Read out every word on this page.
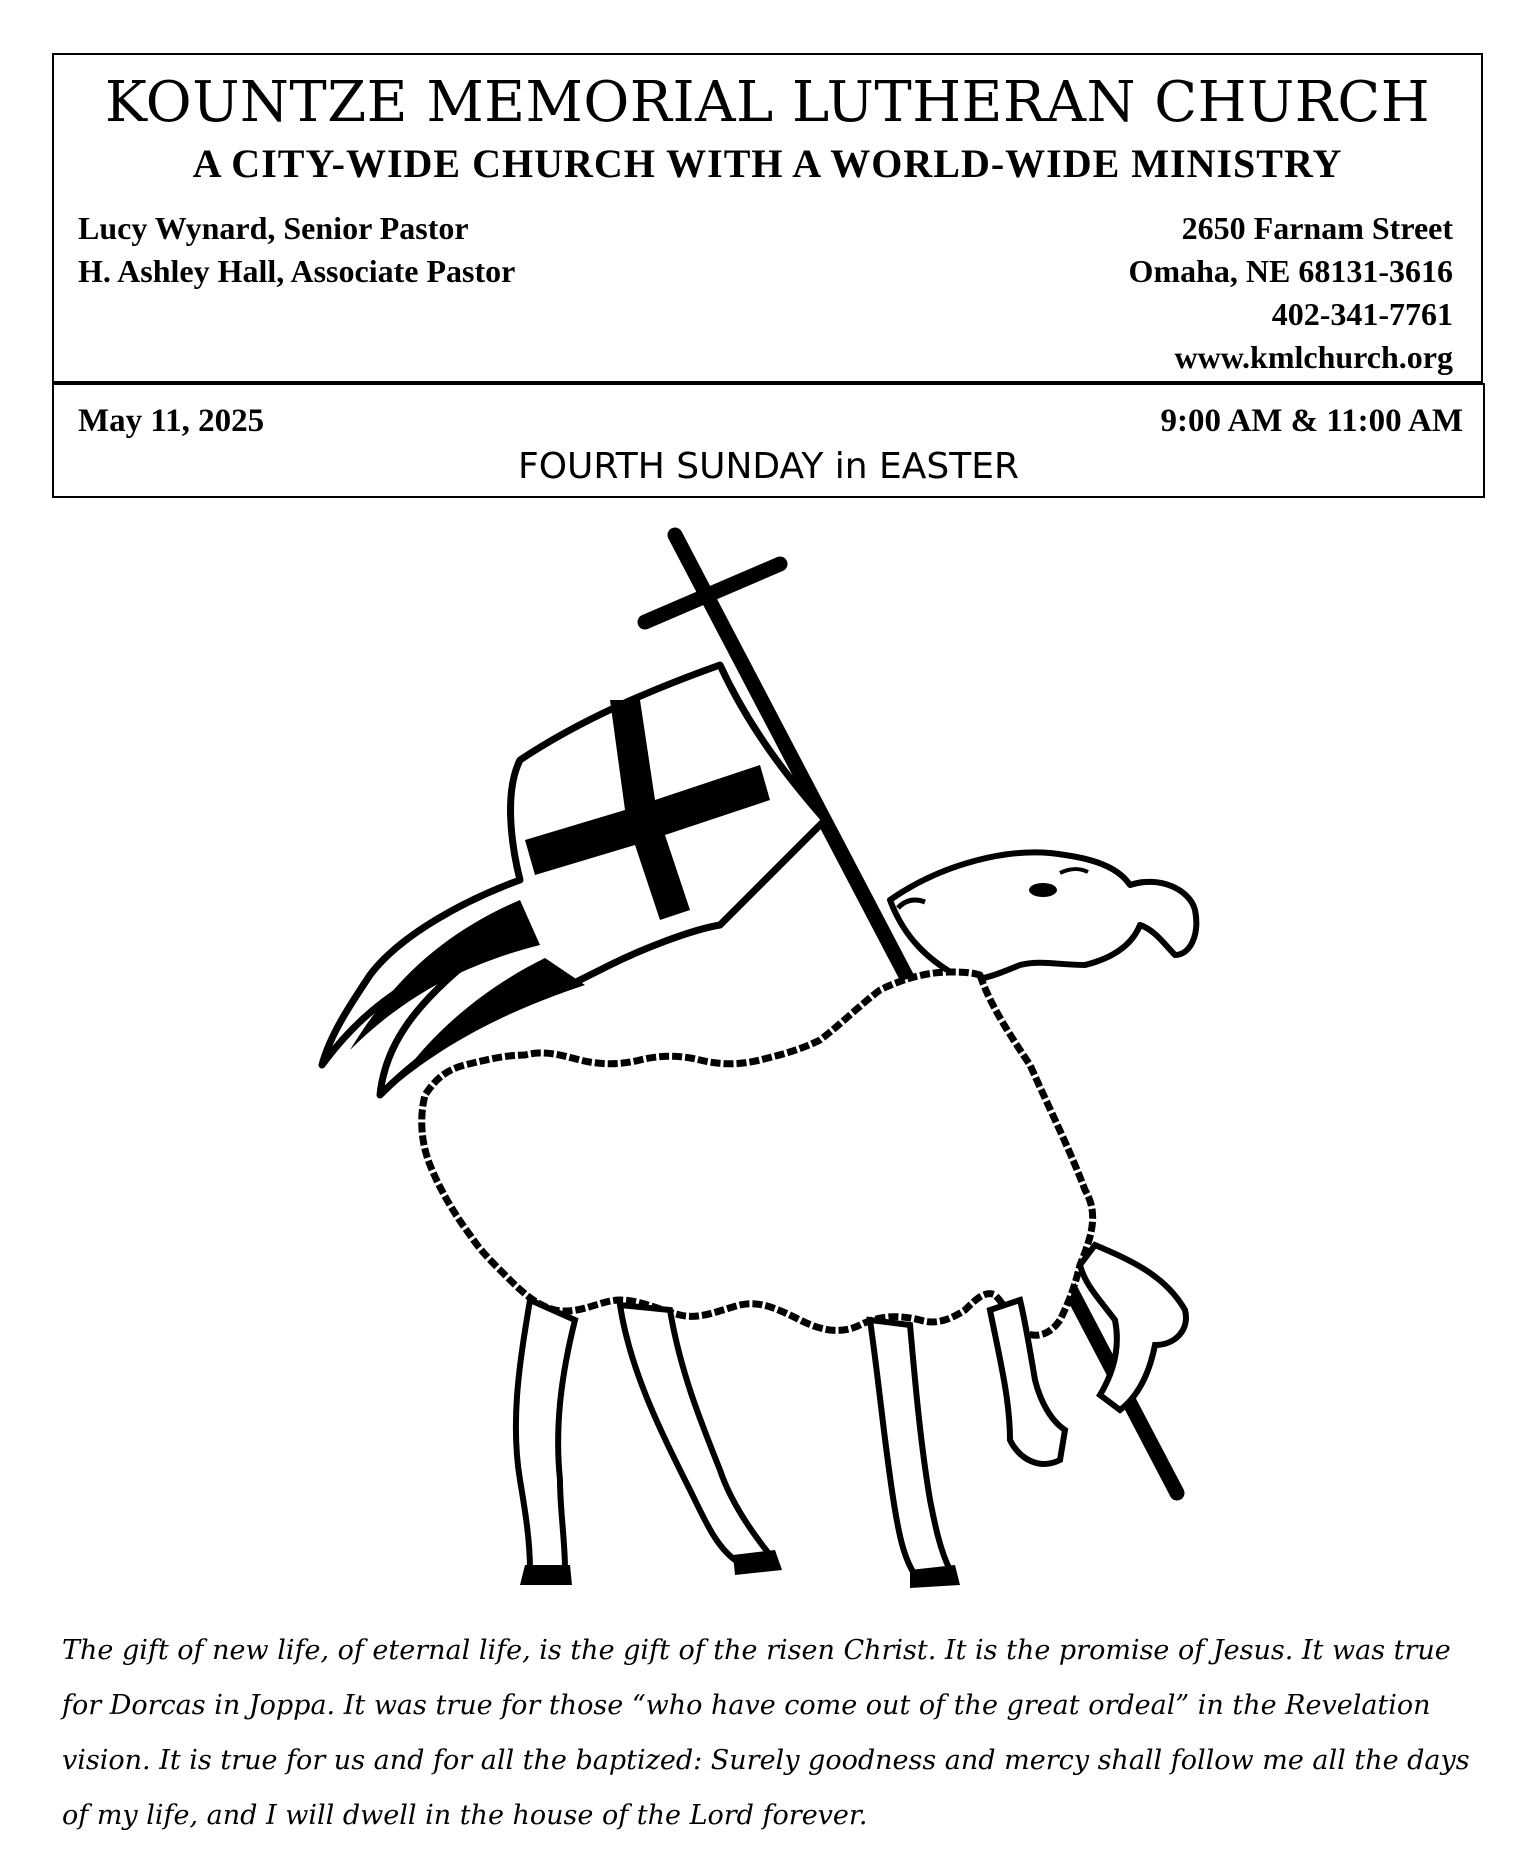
KOUNTZE MEMORIAL LUTHERAN CHURCH
A CITY-WIDE CHURCH WITH A WORLD-WIDE MINISTRY
Lucy Wynard, Senior Pastor
H. Ashley Hall, Associate Pastor
2650 Farnam Street
Omaha, NE 68131-3616
402-341-7761
www.kmlchurch.org
May 11, 2025	9:00 AM & 11:00 AM
FOURTH SUNDAY in EASTER
The gift of new life, of eternal life, is the gift of the risen Christ. It is the promise of Jesus. It was true for Dorcas in Joppa. It was true for those “who have come out of the great ordeal” in the Revelation vision. It is true for us and for all the baptized: Surely goodness and mercy shall follow me all the days of my life, and I will dwell in the house of the Lord forever.
